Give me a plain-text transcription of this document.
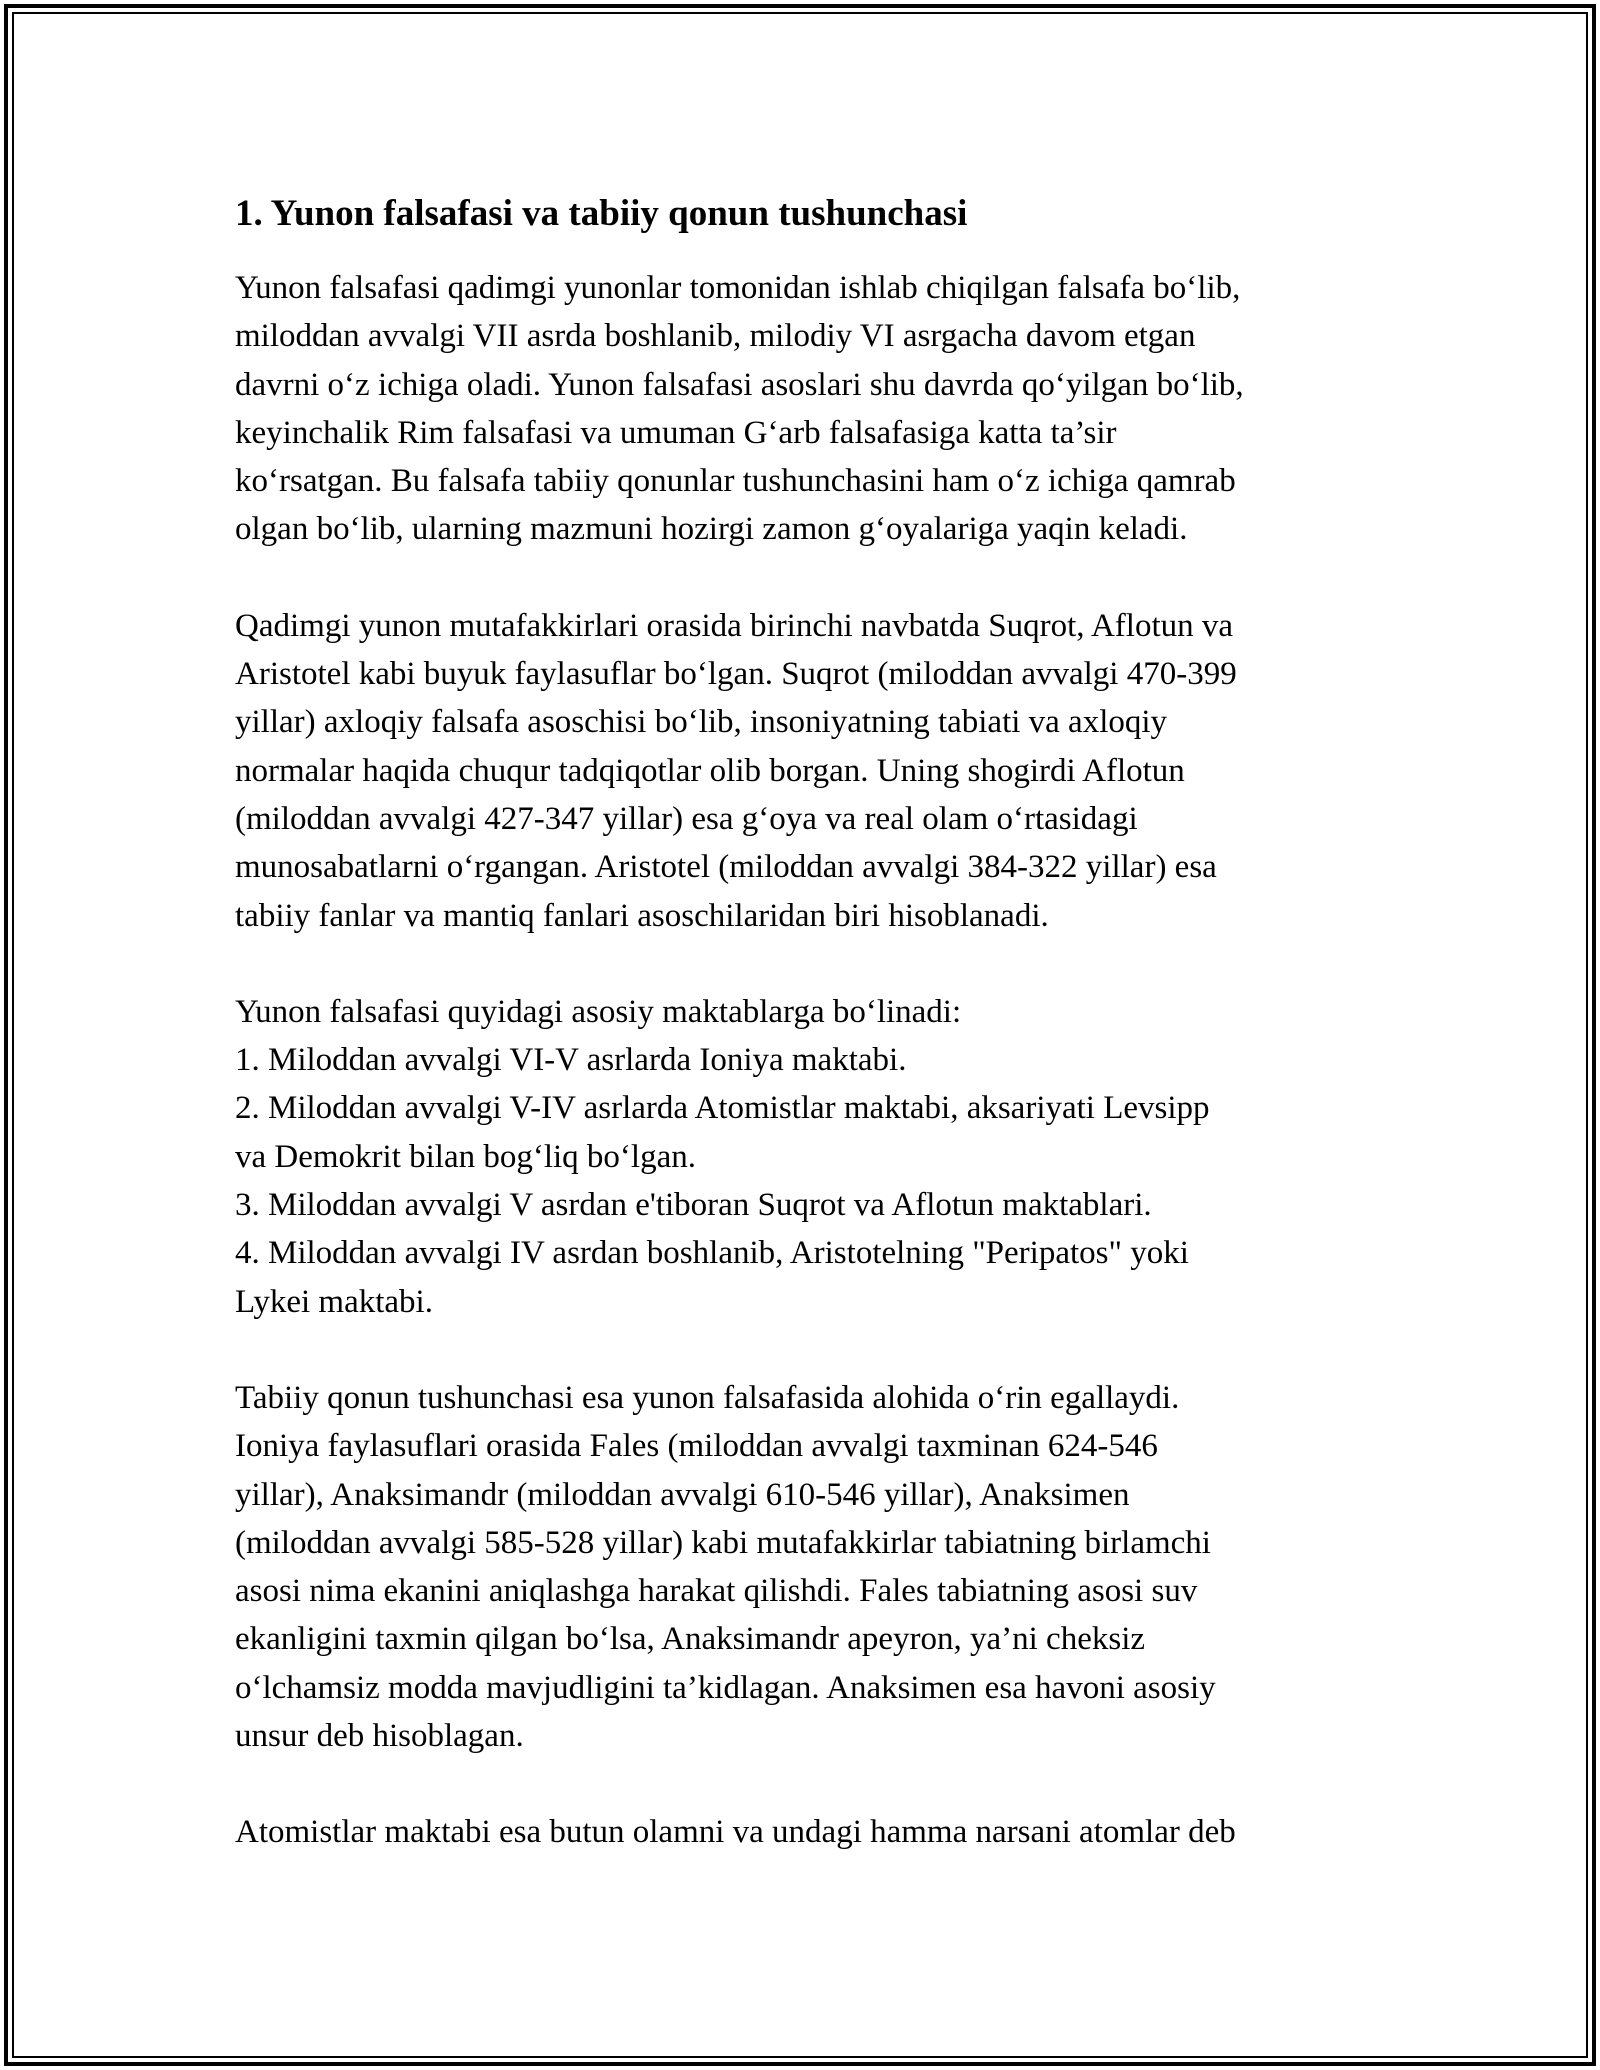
1. Yunon falsafasi va tabiiy qonun tushunchasi
Yunon falsafasi qadimgi yunonlar tomonidan ishlab chiqilgan falsafa bo‘lib,
miloddan avvalgi VII asrda boshlanib, milodiy VI asrgacha davom etgan
davrni o‘z ichiga oladi. Yunon falsafasi asoslari shu davrda qo‘yilgan bo‘lib,
keyinchalik Rim falsafasi va umuman G‘arb falsafasiga katta ta’sir
ko‘rsatgan. Bu falsafa tabiiy qonunlar tushunchasini ham o‘z ichiga qamrab
olgan bo‘lib, ularning mazmuni hozirgi zamon g‘oyalariga yaqin keladi.
Qadimgi yunon mutafakkirlari orasida birinchi navbatda Suqrot, Aflotun va
Aristotel kabi buyuk faylasuflar bo‘lgan. Suqrot (miloddan avvalgi 470-399
yillar) axloqiy falsafa asoschisi bo‘lib, insoniyatning tabiati va axloqiy
normalar haqida chuqur tadqiqotlar olib borgan. Uning shogirdi Aflotun
(miloddan avvalgi 427-347 yillar) esa g‘oya va real olam o‘rtasidagi
munosabatlarni o‘rgangan. Aristotel (miloddan avvalgi 384-322 yillar) esa
tabiiy fanlar va mantiq fanlari asoschilaridan biri hisoblanadi.
Yunon falsafasi quyidagi asosiy maktablarga bo‘linadi:
1. Miloddan avvalgi VI-V asrlarda Ioniya maktabi.
2. Miloddan avvalgi V-IV asrlarda Atomistlar maktabi, aksariyati Levsipp
va Demokrit bilan bog‘liq bo‘lgan.
3. Miloddan avvalgi V asrdan e'tiboran Suqrot va Aflotun maktablari.
4. Miloddan avvalgi IV asrdan boshlanib, Aristotelning "Peripatos" yoki
Lykei maktabi.
Tabiiy qonun tushunchasi esa yunon falsafasida alohida o‘rin egallaydi.
Ioniya faylasuflari orasida Fales (miloddan avvalgi taxminan 624-546
yillar), Anaksimandr (miloddan avvalgi 610-546 yillar), Anaksimen
(miloddan avvalgi 585-528 yillar) kabi mutafakkirlar tabiatning birlamchi
asosi nima ekanini aniqlashga harakat qilishdi. Fales tabiatning asosi suv
ekanligini taxmin qilgan bo‘lsa, Anaksimandr apeyron, ya’ni cheksiz
o‘lchamsiz modda mavjudligini ta’kidlagan. Anaksimen esa havoni asosiy
unsur deb hisoblagan.
Atomistlar maktabi esa butun olamni va undagi hamma narsani atomlar deb
